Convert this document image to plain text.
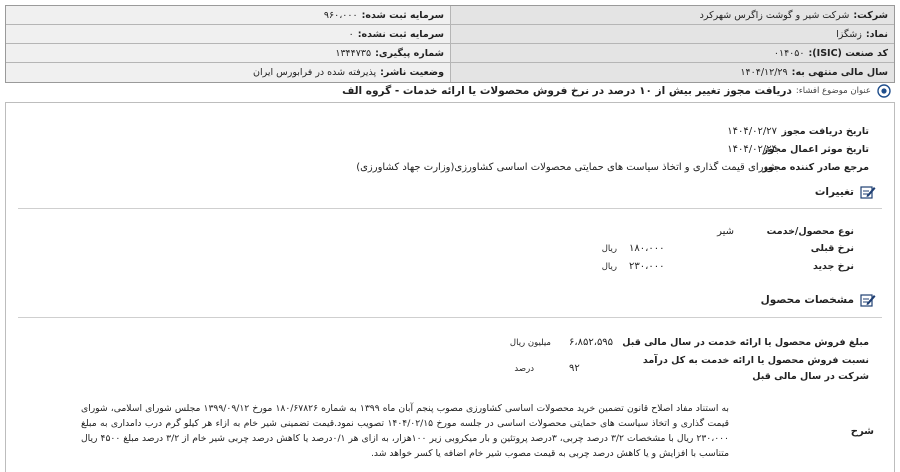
شرکت:
شرکت شیر و گوشت زاگرس شهرکرد
سرمایه ثبت شده:
۹۶۰،۰۰۰
نماد:
زشگزا
سرمایه ثبت نشده:
۰
کد صنعت (ISIC):
۰۱۴۰۵۰
شماره پیگیری:
۱۳۴۴۷۳۵
سال مالی منتهی به:
۱۴۰۴/۱۲/۲۹
وضعیت ناشر:
پذیرفته شده در فرابورس ایران
عنوان موضوع افشاء:
دریافت مجوز تغییر بیش از ۱۰ درصد در نرخ فروش محصولات یا ارائه خدمات - گروه الف
تاریخ دریافت مجوز
۱۴۰۴/۰۲/۲۷
تاریخ موثر اعمال مجوز
۱۴۰۴/۰۲/۲۴
مرجع صادر کننده مجوز
شورای قیمت گذاری و اتخاذ سیاست های حمایتی محصولات اساسی کشاورزی(وزارت جهاد کشاورزی)
تغییرات
نوع محصول/خدمت
شیر
نرخ قبلی
۱۸۰،۰۰۰
ریال
نرخ جدید
۲۳۰،۰۰۰
ریال
مشخصات محصول
مبلغ فروش محصول یا ارائه خدمت در سال مالی قبل
۶،۸۵۲،۵۹۵
میلیون ریال
نسبت فروش محصول یا ارائه خدمت به کل درآمد
۹۲
درصد
شرکت در سال مالی قبل
شرح
به استناد مفاد اصلاح قانون تضمین خرید محصولات اساسی کشاورزی مصوب پنجم آبان ماه ۱۳۹۹ به شماره ۱۸۰/۶۷۸۲۶ مورخ ۱۳۹۹/۰۹/۱۲ مجلس شورای اسلامی، شورای قیمت گذاری و اتخاذ سیاست های حمایتی محصولات اساسی در جلسه مورخ ۱۴۰۴/۰۲/۱۵ تصویب نمود.قیمت تضمینی شیر خام به ازاء هر کیلو گرم درب دامداری به مبلغ ۲۳۰،۰۰۰ ریال با مشخصات ۳/۲ درصد چربی، ۳درصد پروتئین و بار میکروبی زیر ۱۰۰هزار، به ازای هر ۰/۱درصد یا کاهش درصد چربی شیر خام از ۳/۲ درصد مبلغ ۴۵۰۰ ریال متناسب با افزایش و یا کاهش درصد چربی به قیمت مصوب شیر خام اضافه یا کسر خواهد شد.
